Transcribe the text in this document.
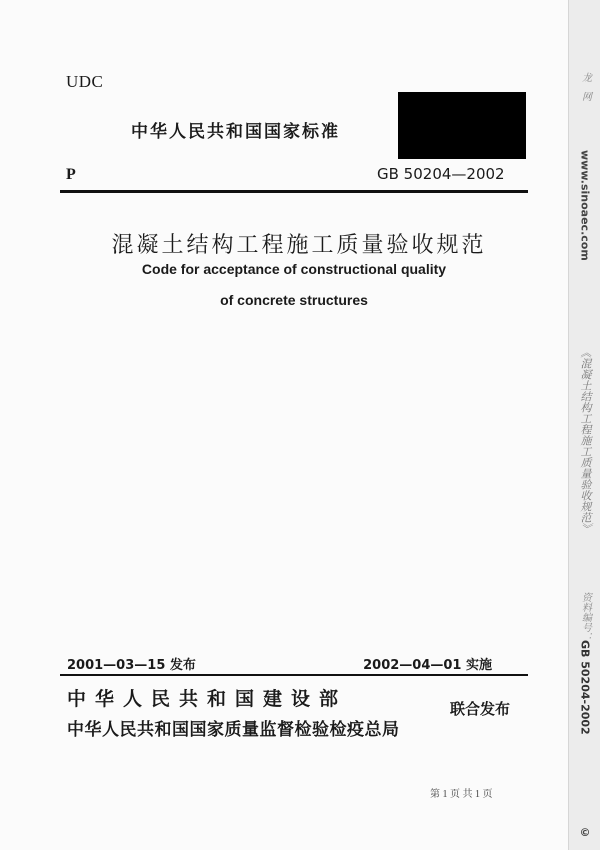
UDC
中华人民共和国国家标准
P	GB 50204—2002
混凝土结构工程施工质量验收规范
Code for acceptance of constructional quality
of concrete structures
2001—03—15 发布	2002—04—01 实施
中华人民共和国建设部
中华人民共和国国家质量监督检验检疫总局
联合发布
第 1 页 共 1 页
龙 网
www.sinoaec.com
《混凝土结构工程施工质量验收规范》
资料编号：
GB 50204-2002
©
